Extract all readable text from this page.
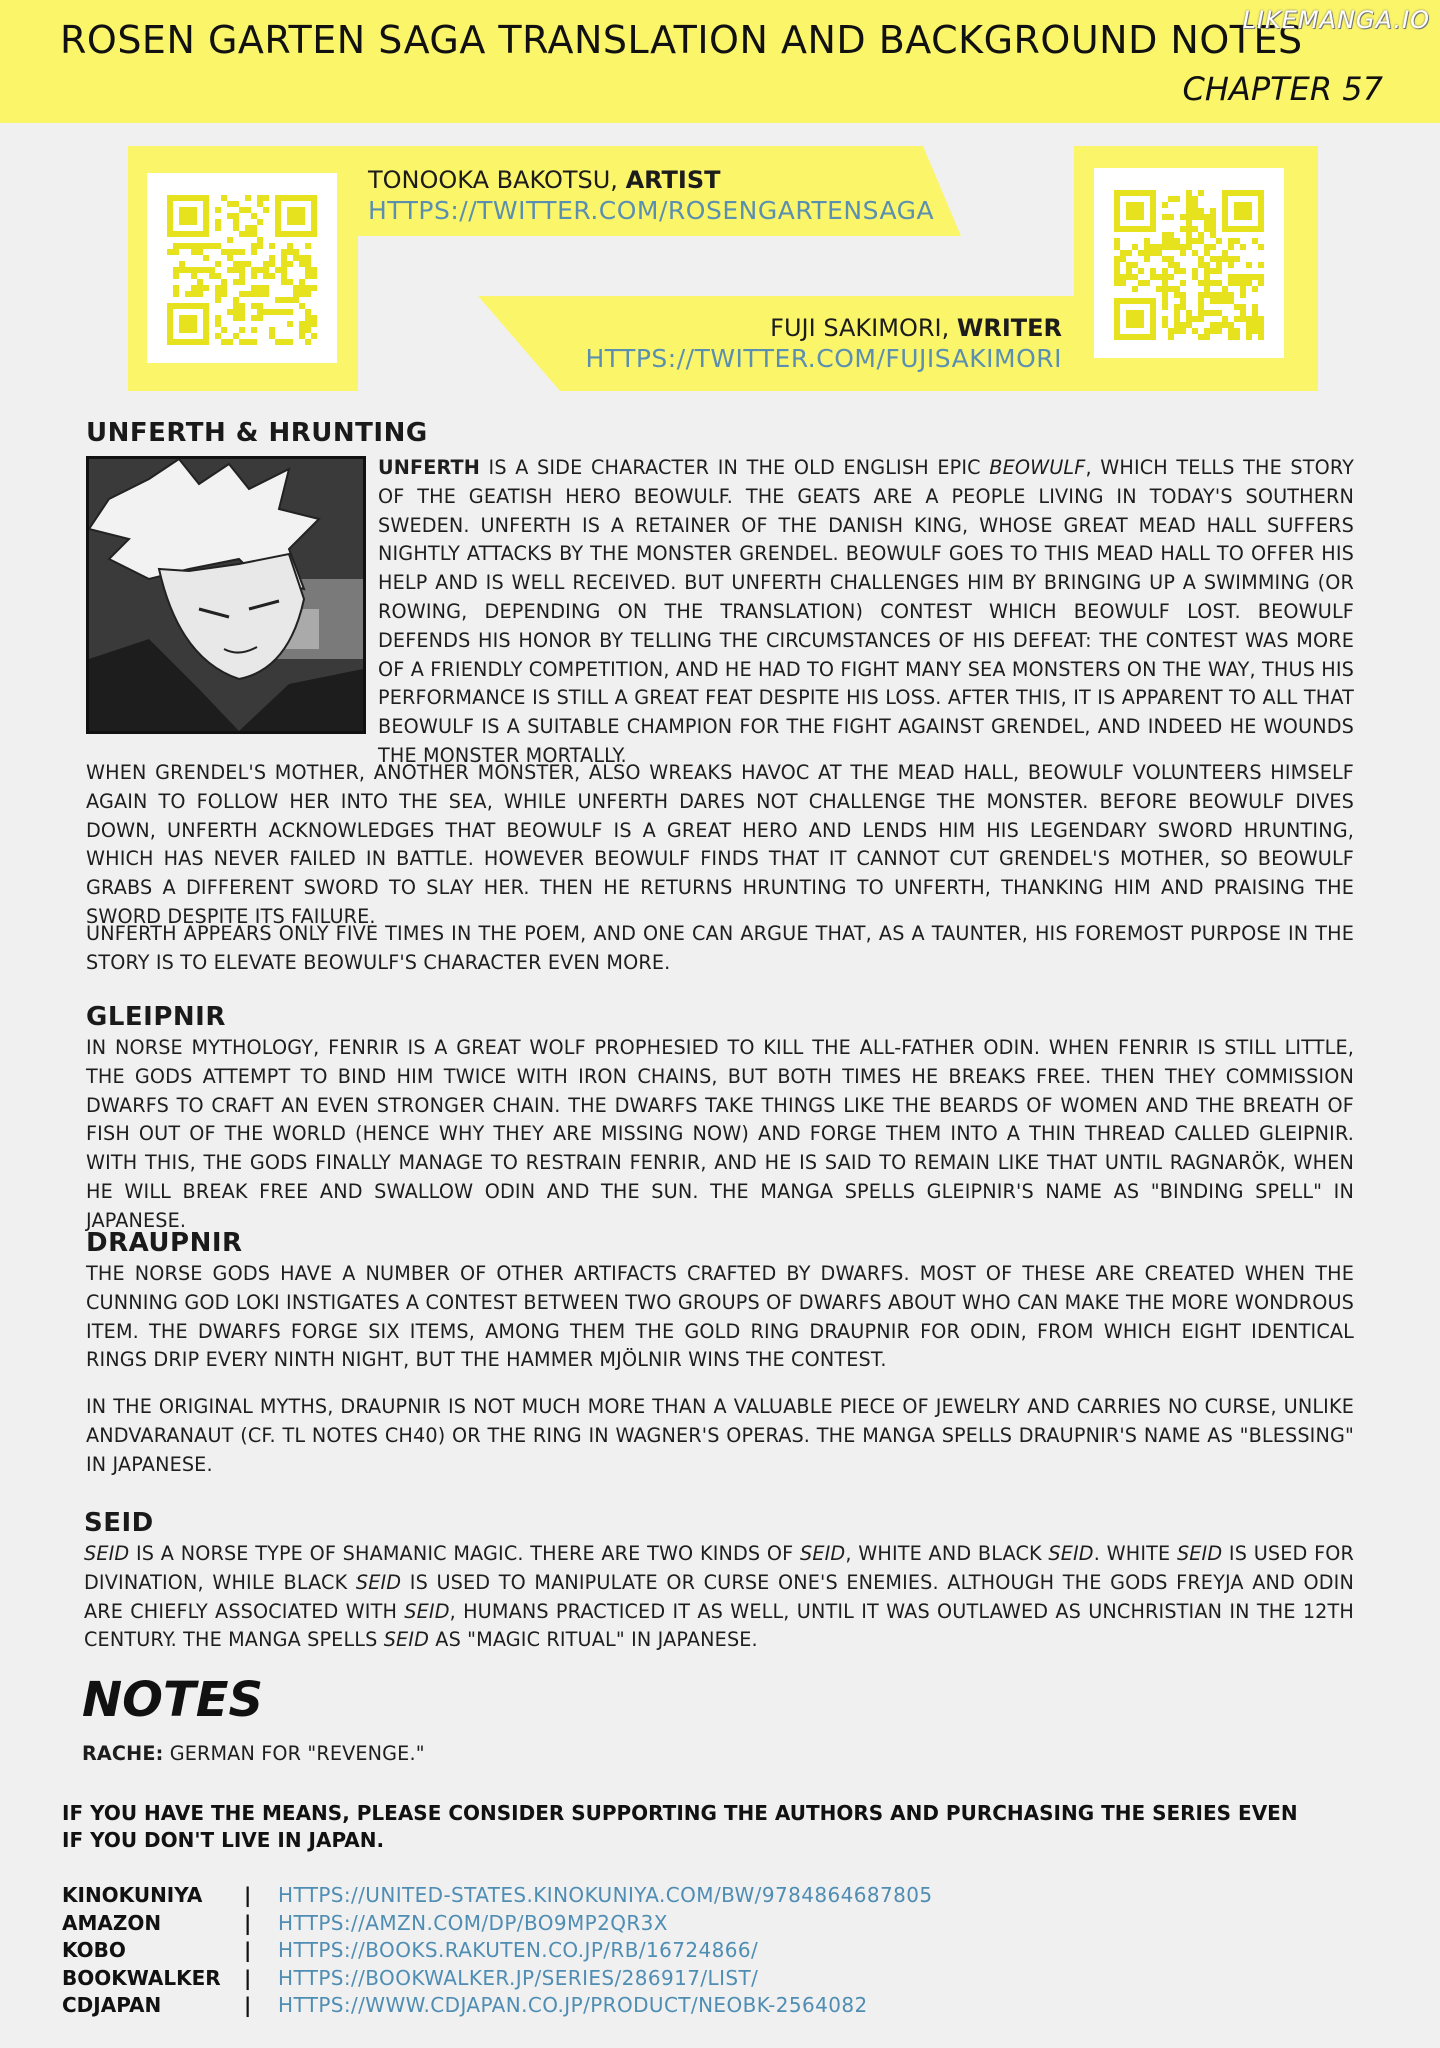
ROSEN GARTEN SAGA TRANSLATION AND BACKGROUND NOTES
CHAPTER 57
LIKEMANGA.IO
TONOOKA BAKOTSU, ARTIST
HTTPS://TWITTER.COM/ROSENGARTENSAGA
FUJI SAKIMORI, WRITER
HTTPS://TWITTER.COM/FUJISAKIMORI
UNFERTH & HRUNTING
UNFERTH IS A SIDE CHARACTER IN THE OLD ENGLISH EPIC BEOWULF, WHICH TELLS THE STORY OF THE GEATISH HERO BEOWULF. THE GEATS ARE A PEOPLE LIVING IN TODAY'S SOUTHERN SWEDEN. UNFERTH IS A RETAINER OF THE DANISH KING, WHOSE GREAT MEAD HALL SUFFERS NIGHTLY ATTACKS BY THE MONSTER GRENDEL. BEOWULF GOES TO THIS MEAD HALL TO OFFER HIS HELP AND IS WELL RECEIVED. BUT UNFERTH CHALLENGES HIM BY BRINGING UP A SWIMMING (OR ROWING, DEPENDING ON THE TRANSLATION) CONTEST WHICH BEOWULF LOST. BEOWULF DEFENDS HIS HONOR BY TELLING THE CIRCUMSTANCES OF HIS DEFEAT: THE CONTEST WAS MORE OF A FRIENDLY COMPETITION, AND HE HAD TO FIGHT MANY SEA MONSTERS ON THE WAY, THUS HIS PERFORMANCE IS STILL A GREAT FEAT DESPITE HIS LOSS. AFTER THIS, IT IS APPARENT TO ALL THAT BEOWULF IS A SUITABLE CHAMPION FOR THE FIGHT AGAINST GRENDEL, AND INDEED HE WOUNDS THE MONSTER MORTALLY.
WHEN GRENDEL'S MOTHER, ANOTHER MONSTER, ALSO WREAKS HAVOC AT THE MEAD HALL, BEOWULF VOLUNTEERS HIMSELF AGAIN TO FOLLOW HER INTO THE SEA, WHILE UNFERTH DARES NOT CHALLENGE THE MONSTER. BEFORE BEOWULF DIVES DOWN, UNFERTH ACKNOWLEDGES THAT BEOWULF IS A GREAT HERO AND LENDS HIM HIS LEGENDARY SWORD HRUNTING, WHICH HAS NEVER FAILED IN BATTLE. HOWEVER BEOWULF FINDS THAT IT CANNOT CUT GRENDEL'S MOTHER, SO BEOWULF GRABS A DIFFERENT SWORD TO SLAY HER. THEN HE RETURNS HRUNTING TO UNFERTH, THANKING HIM AND PRAISING THE SWORD DESPITE ITS FAILURE.
UNFERTH APPEARS ONLY FIVE TIMES IN THE POEM, AND ONE CAN ARGUE THAT, AS A TAUNTER, HIS FOREMOST PURPOSE IN THE STORY IS TO ELEVATE BEOWULF'S CHARACTER EVEN MORE.
GLEIPNIR
IN NORSE MYTHOLOGY, FENRIR IS A GREAT WOLF PROPHESIED TO KILL THE ALL-FATHER ODIN. WHEN FENRIR IS STILL LITTLE, THE GODS ATTEMPT TO BIND HIM TWICE WITH IRON CHAINS, BUT BOTH TIMES HE BREAKS FREE. THEN THEY COMMISSION DWARFS TO CRAFT AN EVEN STRONGER CHAIN. THE DWARFS TAKE THINGS LIKE THE BEARDS OF WOMEN AND THE BREATH OF FISH OUT OF THE WORLD (HENCE WHY THEY ARE MISSING NOW) AND FORGE THEM INTO A THIN THREAD CALLED GLEIPNIR. WITH THIS, THE GODS FINALLY MANAGE TO RESTRAIN FENRIR, AND HE IS SAID TO REMAIN LIKE THAT UNTIL RAGNARÖK, WHEN HE WILL BREAK FREE AND SWALLOW ODIN AND THE SUN. THE MANGA SPELLS GLEIPNIR'S NAME AS "BINDING SPELL" IN JAPANESE.
DRAUPNIR
THE NORSE GODS HAVE A NUMBER OF OTHER ARTIFACTS CRAFTED BY DWARFS. MOST OF THESE ARE CREATED WHEN THE CUNNING GOD LOKI INSTIGATES A CONTEST BETWEEN TWO GROUPS OF DWARFS ABOUT WHO CAN MAKE THE MORE WONDROUS ITEM. THE DWARFS FORGE SIX ITEMS, AMONG THEM THE GOLD RING DRAUPNIR FOR ODIN, FROM WHICH EIGHT IDENTICAL RINGS DRIP EVERY NINTH NIGHT, BUT THE HAMMER MJÖLNIR WINS THE CONTEST.
IN THE ORIGINAL MYTHS, DRAUPNIR IS NOT MUCH MORE THAN A VALUABLE PIECE OF JEWELRY AND CARRIES NO CURSE, UNLIKE ANDVARANAUT (CF. TL NOTES CH40) OR THE RING IN WAGNER'S OPERAS. THE MANGA SPELLS DRAUPNIR'S NAME AS "BLESSING" IN JAPANESE.
SEID
SEID IS A NORSE TYPE OF SHAMANIC MAGIC. THERE ARE TWO KINDS OF SEID, WHITE AND BLACK SEID. WHITE SEID IS USED FOR DIVINATION, WHILE BLACK SEID IS USED TO MANIPULATE OR CURSE ONE'S ENEMIES. ALTHOUGH THE GODS FREYJA AND ODIN ARE CHIEFLY ASSOCIATED WITH SEID, HUMANS PRACTICED IT AS WELL, UNTIL IT WAS OUTLAWED AS UNCHRISTIAN IN THE 12TH CENTURY. THE MANGA SPELLS SEID AS "MAGIC RITUAL" IN JAPANESE.
NOTES
RACHE: GERMAN FOR "REVENGE."
IF YOU HAVE THE MEANS, PLEASE CONSIDER SUPPORTING THE AUTHORS AND PURCHASING THE SERIES EVEN IF YOU DON'T LIVE IN JAPAN.
KINOKUNIYA | HTTPS://UNITED-STATES.KINOKUNIYA.COM/BW/9784864687805
AMAZON	| HTTPS://AMZN.COM/DP/BO9MP2QR3X
KOBO	| HTTPS://BOOKS.RAKUTEN.CO.JP/RB/16724866/
BOOKWALKER | HTTPS://BOOKWALKER.JP/SERIES/286917/LIST/
CDJAPAN	| HTTPS://WWW.CDJAPAN.CO.JP/PRODUCT/NEOBK-2564082
